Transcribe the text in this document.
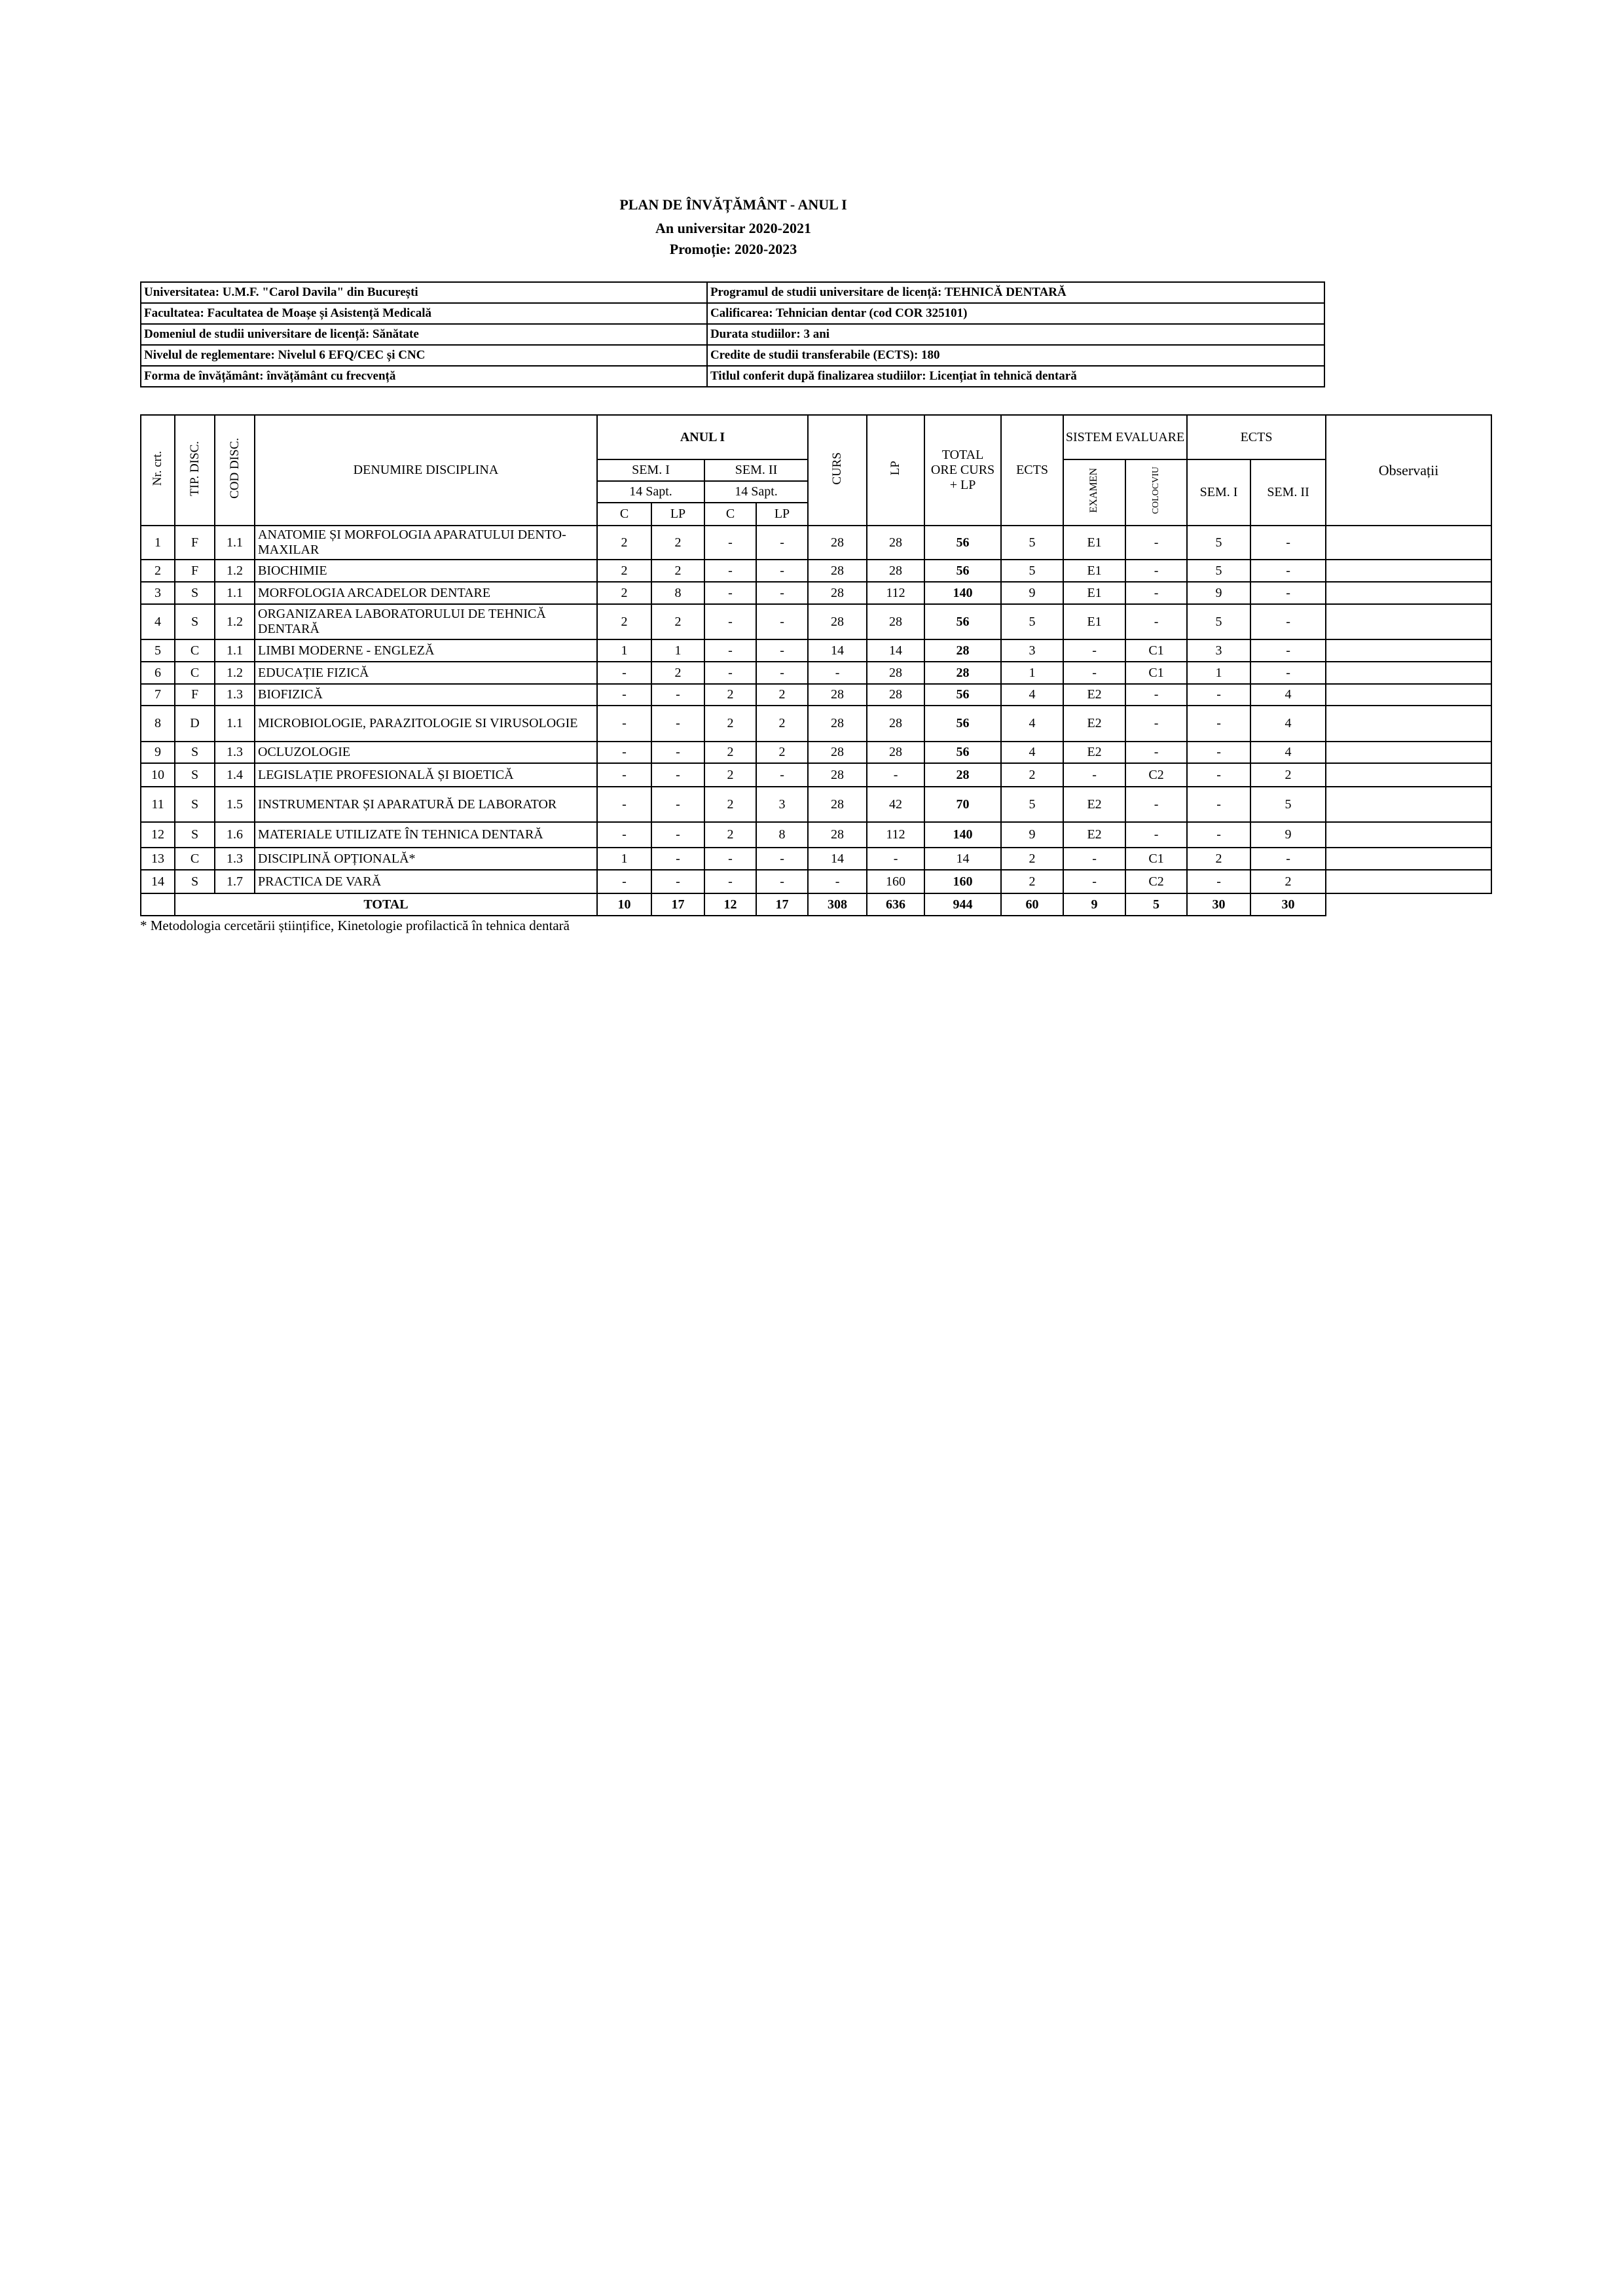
PLAN DE ÎNVĂȚĂMÂNT - ANUL I
An universitar 2020-2021
Promoție: 2020-2023
Universitatea: U.M.F. "Carol Davila" din București	Programul de studii universitare de licență: TEHNICĂ DENTARĂ
Facultatea: Facultatea de Moașe și Asistență Medicală	Calificarea: Tehnician dentar (cod COR 325101)
Domeniul de studii universitare de licență: Sănătate	Durata studiilor: 3 ani
Nivelul de reglementare: Nivelul 6 EFQ/CEC și CNC	Credite de studii transferabile (ECTS): 180
Forma de învățământ: învățământ cu frecvență	Titlul conferit după finalizarea studiilor: Licențiat în tehnică dentară
Nr. crt.	TIP. DISC.	COD DISC.	DENUMIRE DISCIPLINA	ANUL I				CURS	LP	TOTAL ORE CURS + LP	ECTS	SISTEM EVALUARE		ECTS		Observații
				SEM. I		SEM. II						EXAMEN	COLOCVIU	SEM. I	SEM. II	
				14 Sapt.		14 Sapt.										
				C	LP	C	LP									
1	F	1.1	ANATOMIE ȘI MORFOLOGIA APARATULUI DENTO-MAXILAR	2	2	-	-	28	28	56	5	E1	-	5	-	
2	F	1.2	BIOCHIMIE	2	2	-	-	28	28	56	5	E1	-	5	-	
3	S	1.1	MORFOLOGIA ARCADELOR DENTARE	2	8	-	-	28	112	140	9	E1	-	9	-	
4	S	1.2	ORGANIZAREA LABORATORULUI DE TEHNICĂ DENTARĂ	2	2	-	-	28	28	56	5	E1	-	5	-	
5	C	1.1	LIMBI MODERNE - ENGLEZĂ	1	1	-	-	14	14	28	3	-	C1	3	-	
6	C	1.2	EDUCAȚIE FIZICĂ	-	2	-	-	-	28	28	1	-	C1	1	-	
7	F	1.3	BIOFIZICĂ	-	-	2	2	28	28	56	4	E2	-	-	4	
8	D	1.1	MICROBIOLOGIE, PARAZITOLOGIE SI VIRUSOLOGIE	-	-	2	2	28	28	56	4	E2	-	-	4	
9	S	1.3	OCLUZOLOGIE	-	-	2	2	28	28	56	4	E2	-	-	4	
10	S	1.4	LEGISLAȚIE PROFESIONALĂ ȘI BIOETICĂ	-	-	2	-	28	-	28	2	-	C2	-	2	
11	S	1.5	INSTRUMENTAR ȘI APARATURĂ DE LABORATOR	-	-	2	3	28	42	70	5	E2	-	-	5	
12	S	1.6	MATERIALE UTILIZATE ÎN TEHNICA DENTARĂ	-	-	2	8	28	112	140	9	E2	-	-	9	
13	C	1.3	DISCIPLINĂ OPȚIONALĂ*	1	-	-	-	14	-	14	2	-	C1	2	-	
14	S	1.7	PRACTICA DE VARĂ	-	-	-	-	-	160	160	2	-	C2	-	2	
	TOTAL			10	17	12	17	308	636	944	60	9	5	30	30	
* Metodologia cercetării științifice, Kinetologie profilactică în tehnica dentară
